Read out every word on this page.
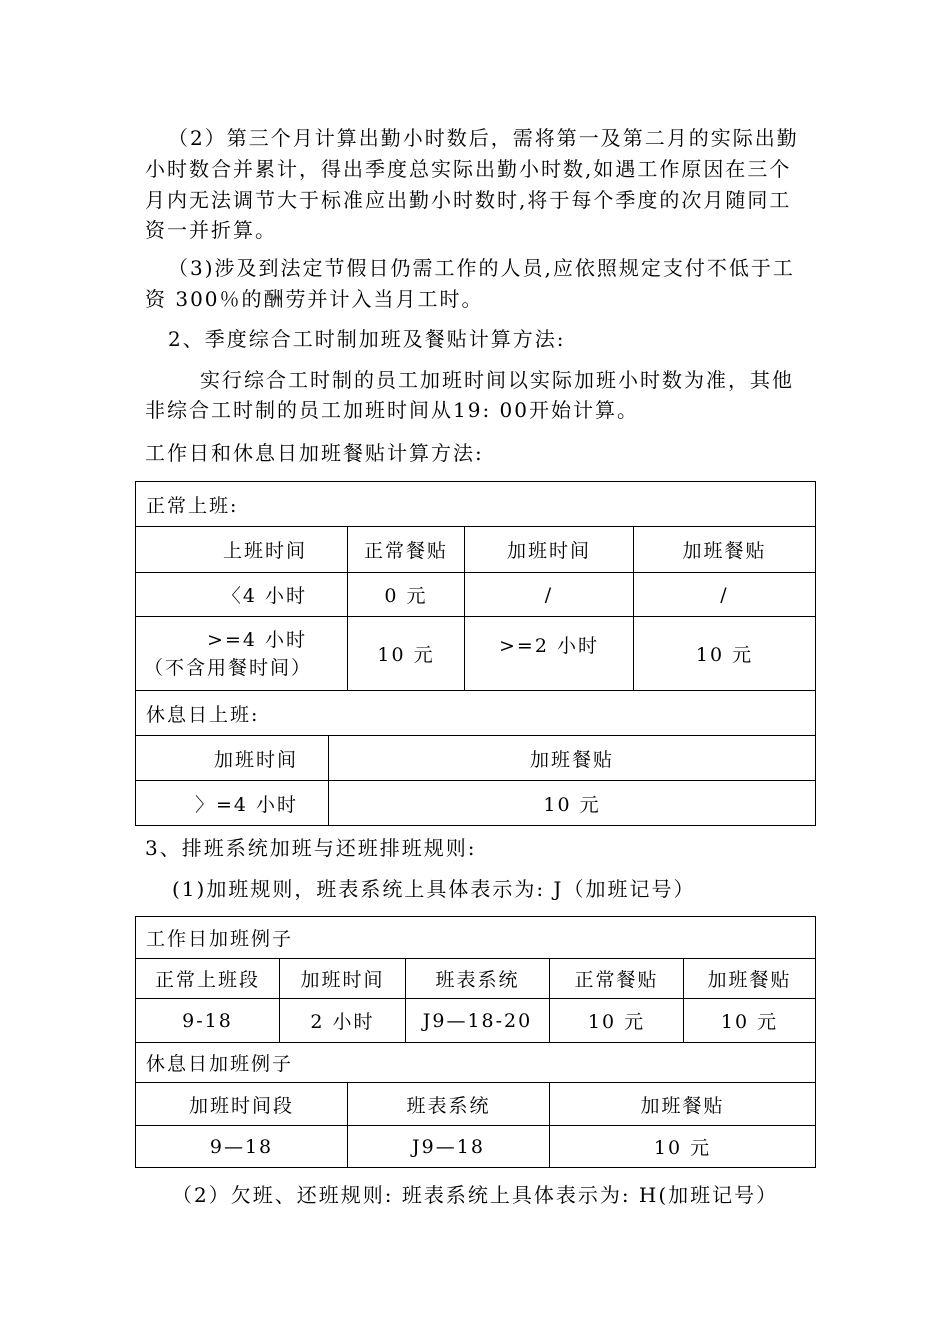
（2）第三个月计算出勤小时数后，需将第一及第二月的实际出勤
小时数合并累计，得出季度总实际出勤小时数,如遇工作原因在三个
月内无法调节大于标准应出勤小时数时,将于每个季度的次月随同工
资一并折算。
（3)涉及到法定节假日仍需工作的人员,应依照规定支付不低于工
资 300％的酬劳并计入当月工时。
2、季度综合工时制加班及餐贴计算方法:
实行综合工时制的员工加班时间以实际加班小时数为准，其他
非综合工时制的员工加班时间从19: 00开始计算。
工作日和休息日加班餐贴计算方法:
正常上班:				
上班时间		正常餐贴	加班时间	加班餐贴
〈4 小时		0 元	/	/
>=4 小时
（不含用餐时间）		10 元	>=2 小时	10 元
休息日上班:				
加班时间	加班餐贴			
〉=4 小时	10 元			
3、排班系统加班与还班排班规则:
(1)加班规则，班表系统上具体表示为: J（加班记号）
工作日加班例子					
正常上班段	加班时间		班表系统	正常餐贴	加班餐贴
9-18	2 小时		J9—18-20	10 元	10 元
休息日加班例子					
加班时间段		班表系统		加班餐贴	
9—18		J9—18		10 元	
（2）欠班、还班规则: 班表系统上具体表示为: H(加班记号）
